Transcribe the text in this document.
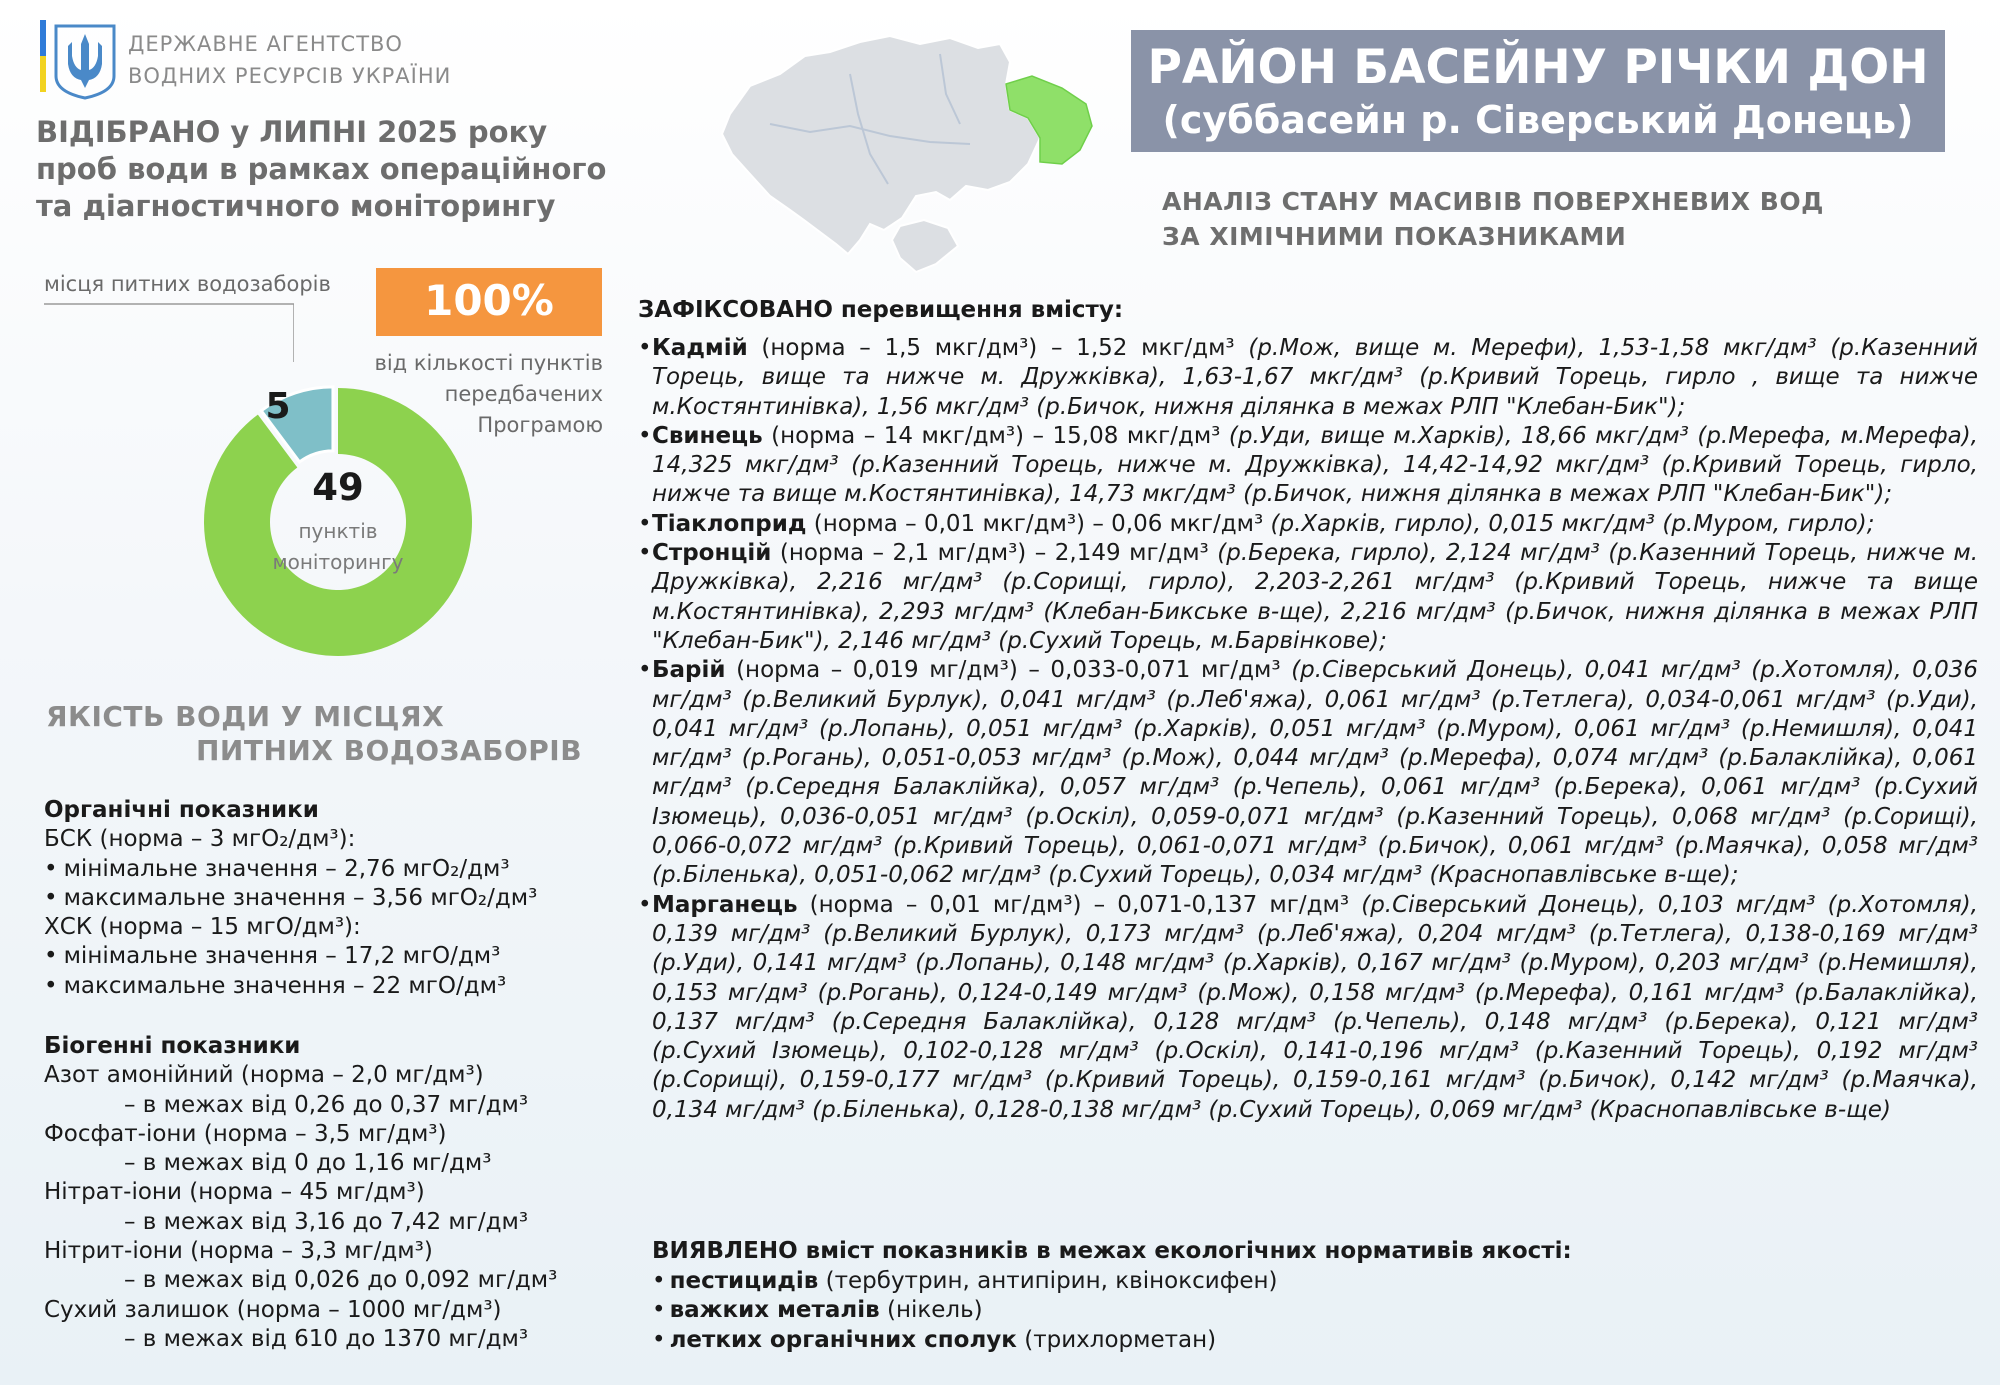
ДЕРЖАВНЕ АГЕНТСТВО
ВОДНИХ РЕСУРСІВ УКРАЇНИ
ВІДІБРАНО у ЛИПНІ 2025 року
проб води в рамках операційного
та діагностичного моніторингу
РАЙОН БАСЕЙНУ РІЧКИ ДОН
(суббасейн р. Сіверський Донець)
АНАЛІЗ СТАНУ МАСИВІВ ПОВЕРХНЕВИХ ВОД
ЗА ХІМІЧНИМИ ПОКАЗНИКАМИ
місця питних водозаборів	100%
від кількості пунктів
передбачених
Програмою
5
49
пунктів
моніторингу
ЯКІСТЬ ВОДИ У МІСЦЯХ
ПИТНИХ ВОДОЗАБОРІВ
Органічні показники
БСК (норма – 3 мгО₂/дм³):
• мінімальне значення – 2,76 мгО₂/дм³
• максимальне значення – 3,56 мгО₂/дм³
ХСК (норма – 15 мгО/дм³):
• мінімальне значення – 17,2 мгО/дм³
• максимальне значення – 22 мгО/дм³
Біогенні показники
Азот амонійний (норма – 2,0 мг/дм³)
– в межах від 0,26 до 0,37 мг/дм³
Фосфат-іони (норма – 3,5 мг/дм³)
– в межах від 0 до 1,16 мг/дм³
Нітрат-іони (норма – 45 мг/дм³)
– в межах від 3,16 до 7,42 мг/дм³
Нітрит-іони (норма – 3,3 мг/дм³)
– в межах від 0,026 до 0,092 мг/дм³
Сухий залишок (норма – 1000 мг/дм³)
– в межах від 610 до 1370 мг/дм³
ЗАФІКСОВАНО перевищення вмісту:
• Кадмій (норма – 1,5 мкг/дм³) – 1,52 мкг/дм³ (р.Мож, вище м. Мерефи), 1,53-1,58 мкг/дм³ (р.Казенний Торець, вище та нижче м. Дружківка), 1,63-1,67 мкг/дм³ (р.Кривий Торець, гирло , вище та нижче м.Костянтинівка), 1,56 мкг/дм³ (р.Бичок, нижня ділянка в межах РЛП "Клебан-Бик");
• Свинець (норма – 14 мкг/дм³) – 15,08 мкг/дм³ (р.Уди, вище м.Харків), 18,66 мкг/дм³ (р.Мерефа, м.Мерефа), 14,325 мкг/дм³ (р.Казенний Торець, нижче м. Дружківка), 14,42-14,92 мкг/дм³ (р.Кривий Торець, гирло, нижче та вище м.Костянтинівка), 14,73 мкг/дм³ (р.Бичок, нижня ділянка в межах РЛП "Клебан-Бик");
• Тіаклоприд (норма – 0,01 мкг/дм³) – 0,06 мкг/дм³ (р.Харків, гирло), 0,015 мкг/дм³ (р.Муром, гирло);
• Стронцій (норма – 2,1 мг/дм³) – 2,149 мг/дм³ (р.Берека, гирло), 2,124 мг/дм³ (р.Казенний Торець, нижче м. Дружківка), 2,216 мг/дм³ (р.Сорищі, гирло), 2,203-2,261 мг/дм³ (р.Кривий Торець, нижче та вище м.Костянтинівка), 2,293 мг/дм³ (Клебан-Бикське в-ще), 2,216 мг/дм³ (р.Бичок, нижня ділянка в межах РЛП "Клебан-Бик"), 2,146 мг/дм³ (р.Сухий Торець, м.Барвінкове);
• Барій (норма – 0,019 мг/дм³) – 0,033-0,071 мг/дм³ (р.Сіверський Донець), 0,041 мг/дм³ (р.Хотомля), 0,036 мг/дм³ (р.Великий Бурлук), 0,041 мг/дм³ (р.Леб'яжа), 0,061 мг/дм³ (р.Тетлега), 0,034-0,061 мг/дм³ (р.Уди), 0,041 мг/дм³ (р.Лопань), 0,051 мг/дм³ (р.Харків), 0,051 мг/дм³ (р.Муром), 0,061 мг/дм³ (р.Немишля), 0,041 мг/дм³ (р.Рогань), 0,051-0,053 мг/дм³ (р.Мож), 0,044 мг/дм³ (р.Мерефа), 0,074 мг/дм³ (р.Балаклійка), 0,061 мг/дм³ (р.Середня Балаклійка), 0,057 мг/дм³ (р.Чепель), 0,061 мг/дм³ (р.Берека), 0,061 мг/дм³ (р.Сухий Ізюмець), 0,036-0,051 мг/дм³ (р.Оскіл), 0,059-0,071 мг/дм³ (р.Казенний Торець), 0,068 мг/дм³ (р.Сорищі), 0,066-0,072 мг/дм³ (р.Кривий Торець), 0,061-0,071 мг/дм³ (р.Бичок), 0,061 мг/дм³ (р.Маячка), 0,058 мг/дм³ (р.Біленька), 0,051-0,062 мг/дм³ (р.Сухий Торець), 0,034 мг/дм³ (Краснопавлівське в-ще);
• Марганець (норма – 0,01 мг/дм³) – 0,071-0,137 мг/дм³ (р.Сіверський Донець), 0,103 мг/дм³ (р.Хотомля), 0,139 мг/дм³ (р.Великий Бурлук), 0,173 мг/дм³ (р.Леб'яжа), 0,204 мг/дм³ (р.Тетлега), 0,138-0,169 мг/дм³ (р.Уди), 0,141 мг/дм³ (р.Лопань), 0,148 мг/дм³ (р.Харків), 0,167 мг/дм³ (р.Муром), 0,203 мг/дм³ (р.Немишля), 0,153 мг/дм³ (р.Рогань), 0,124-0,149 мг/дм³ (р.Мож), 0,158 мг/дм³ (р.Мерефа), 0,161 мг/дм³ (р.Балаклійка), 0,137 мг/дм³ (р.Середня Балаклійка), 0,128 мг/дм³ (р.Чепель), 0,148 мг/дм³ (р.Берека), 0,121 мг/дм³ (р.Сухий Ізюмець), 0,102-0,128 мг/дм³ (р.Оскіл), 0,141-0,196 мг/дм³ (р.Казенний Торець), 0,192 мг/дм³ (р.Сорищі), 0,159-0,177 мг/дм³ (р.Кривий Торець), 0,159-0,161 мг/дм³ (р.Бичок), 0,142 мг/дм³ (р.Маячка), 0,134 мг/дм³ (р.Біленька), 0,128-0,138 мг/дм³ (р.Сухий Торець), 0,069 мг/дм³ (Краснопавлівське в-ще)
ВИЯВЛЕНО вміст показників в межах екологічних нормативів якості:
• пестицидів (тербутрин, антипірин, квіноксифен)
• важких металів (нікель)
• летких органічних сполук (трихлорметан)
